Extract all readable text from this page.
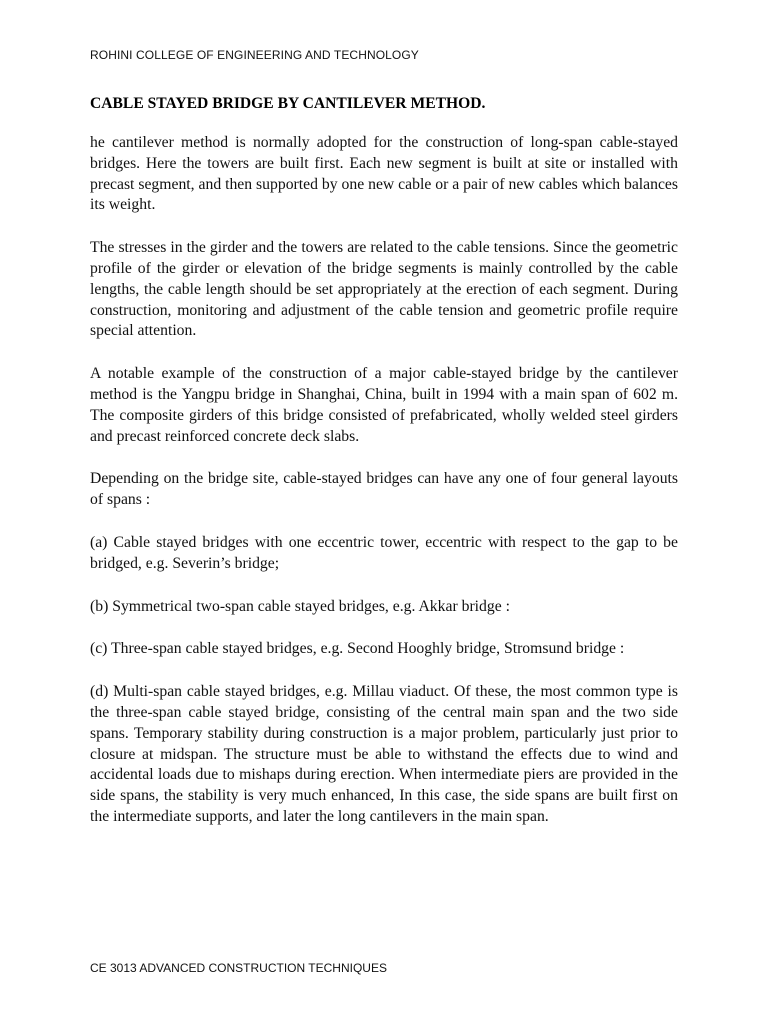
ROHINI COLLEGE OF ENGINEERING AND TECHNOLOGY
CABLE STAYED BRIDGE BY CANTILEVER METHOD.

he cantilever method is normally adopted for the construction of long-span cable-stayed bridges. Here the towers are built first. Each new segment is built at site or installed with precast segment, and then supported by one new cable or a pair of new cables which balances its weight.

The stresses in the girder and the towers are related to the cable tensions. Since the geometric profile of the girder or elevation of the bridge segments is mainly controlled by the cable lengths, the cable length should be set appropriately at the erection of each segment. During construction, monitoring and adjustment of the cable tension and geometric profile require special attention.

A notable example of the construction of a major cable-stayed bridge by the cantilever method is the Yangpu bridge in Shanghai, China, built in 1994 with a main span of 602 m. The composite girders of this bridge consisted of prefabricated, wholly welded steel girders and precast reinforced concrete deck slabs.

Depending on the bridge site, cable-stayed bridges can have any one of four general layouts of spans :

(a) Cable stayed bridges with one eccentric tower, eccentric with respect to the gap to be bridged, e.g. Severin’s bridge;

(b) Symmetrical two-span cable stayed bridges, e.g. Akkar bridge :

(c) Three-span cable stayed bridges, e.g. Second Hooghly bridge, Stromsund bridge :

(d) Multi-span cable stayed bridges, e.g. Millau viaduct. Of these, the most common type is the three-span cable stayed bridge, consisting of the central main span and the two side spans. Temporary stability during construction is a major problem, particularly just prior to closure at midspan. The structure must be able to withstand the effects due to wind and accidental loads due to mishaps during erection. When intermediate piers are provided in the side spans, the stability is very much enhanced, In this case, the side spans are built first on the intermediate supports, and later the long cantilevers in the main span.

CE 3013 ADVANCED CONSTRUCTION TECHNIQUES
